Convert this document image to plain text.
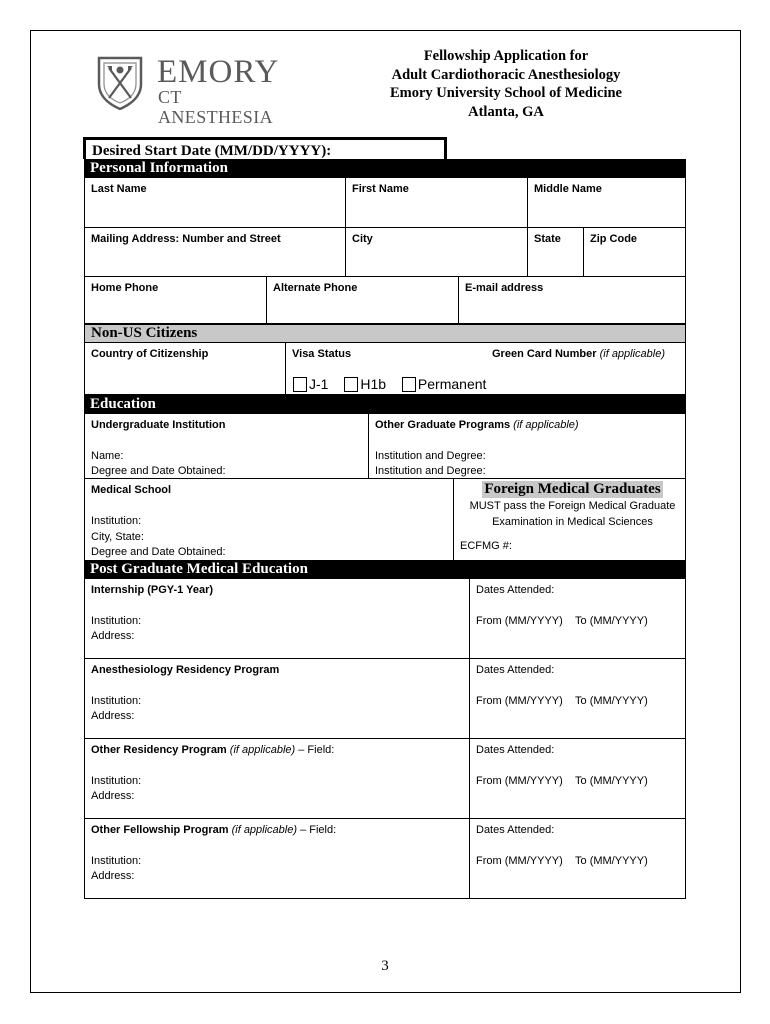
EMORY
CT ANESTHESIA
Fellowship Application for
Adult Cardiothoracic Anesthesiology
Emory University School of Medicine
Atlanta, GA
Desired Start Date (MM/DD/YYYY):
Personal Information
Last Name	First Name	Middle Name
Mailing Address: Number and Street	City	State	Zip Code
Home Phone	Alternate Phone	E-mail address
Non-US Citizens
Country of Citizenship	Visa Status	Green Card Number (if applicable)
J-1 H1b Permanent
Education
Undergraduate Institution
Name:
Degree and Date Obtained:
Other Graduate Programs (if applicable)
Institution and Degree:
Institution and Degree:
Medical School
Institution:
City, State:
Degree and Date Obtained:
Foreign Medical Graduates
MUST pass the Foreign Medical Graduate
Examination in Medical Sciences
ECFMG #:
Post Graduate Medical Education
Internship (PGY-1 Year)
Institution:
Address:
Dates Attended:
From (MM/YYYY) To (MM/YYYY)
Anesthesiology Residency Program
Institution:
Address:
Dates Attended:
From (MM/YYYY) To (MM/YYYY)
Other Residency Program (if applicable) – Field:
Institution:
Address:
Dates Attended:
From (MM/YYYY) To (MM/YYYY)
Other Fellowship Program (if applicable) – Field:
Institution:
Address:
Dates Attended:
From (MM/YYYY) To (MM/YYYY)
3
